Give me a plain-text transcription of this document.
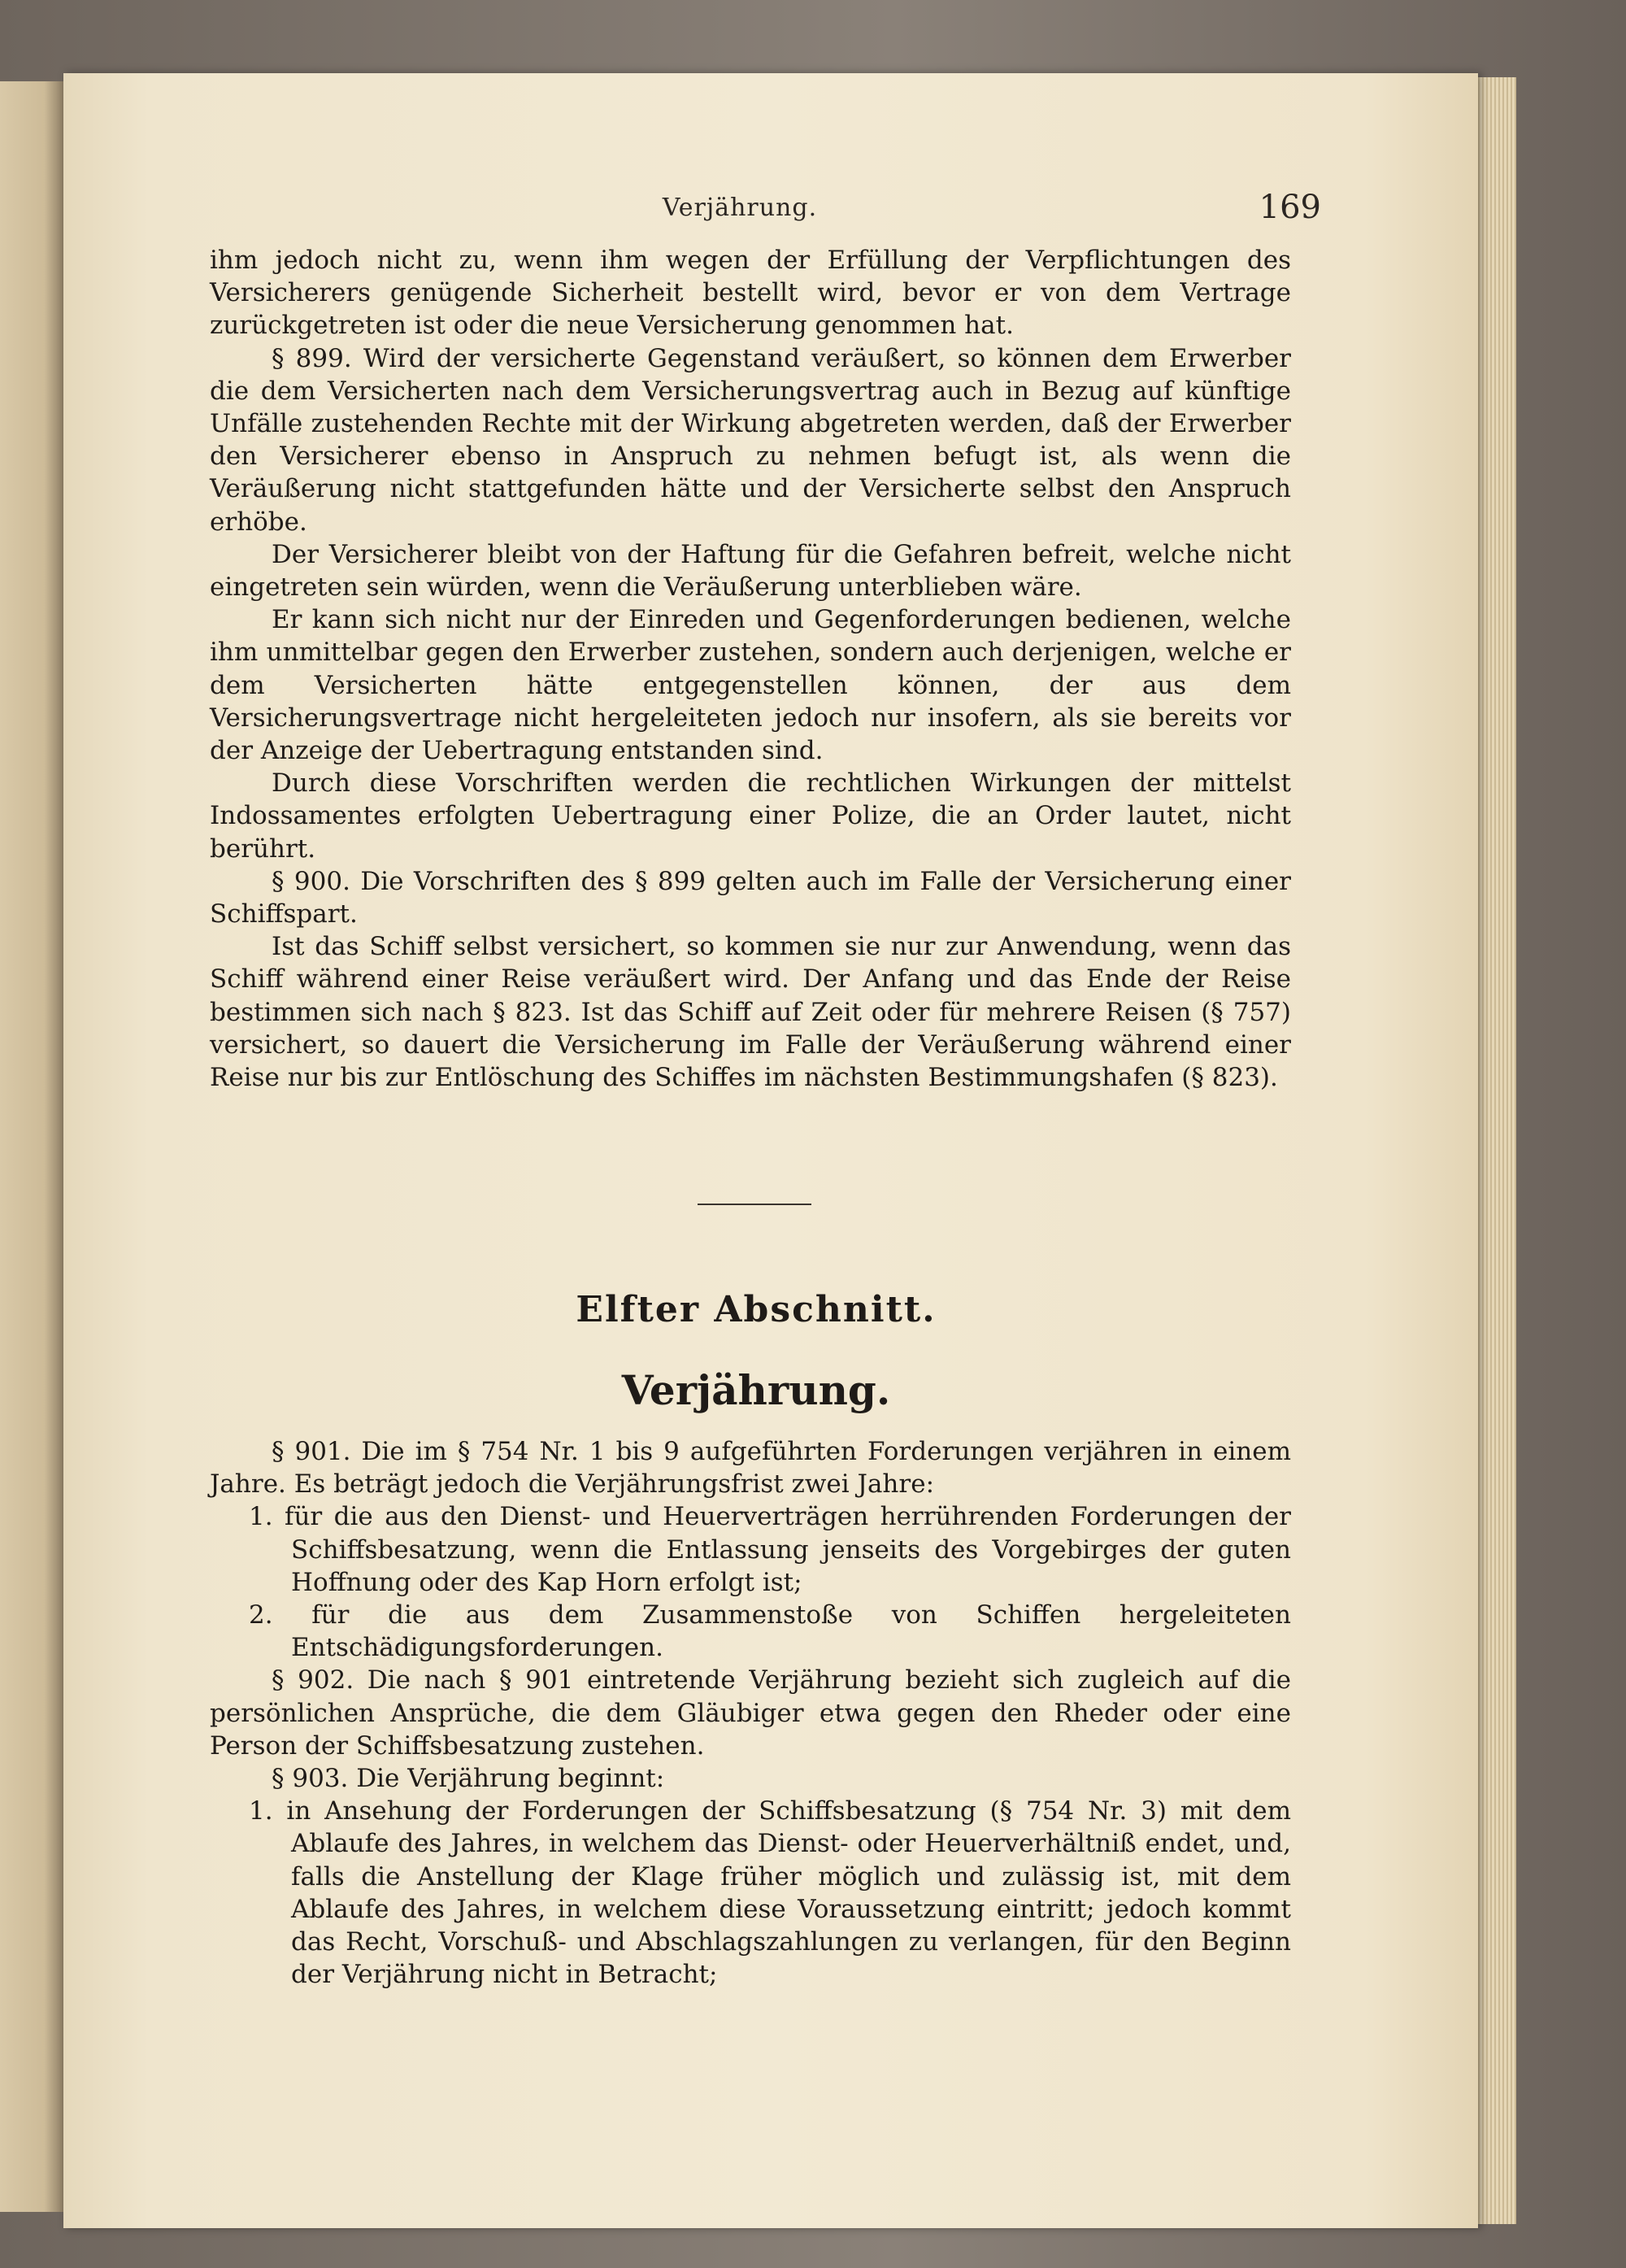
Verjährung.	169

ihm jedoch nicht zu, wenn ihm wegen der Erfüllung der Verpflichtungen des Versicherers genügende Sicherheit bestellt wird, bevor er von dem Vertrage zurückgetreten ist oder die neue Versicherung genommen hat.

§ 899. Wird der versicherte Gegenstand veräußert, so können dem Erwerber die dem Versicherten nach dem Versicherungsvertrag auch in Bezug auf künftige Unfälle zustehenden Rechte mit der Wirkung abgetreten werden, daß der Erwerber den Versicherer ebenso in Anspruch zu nehmen befugt ist, als wenn die Veräußerung nicht stattgefunden hätte und der Versicherte selbst den Anspruch erhöbe.

Der Versicherer bleibt von der Haftung für die Gefahren befreit, welche nicht eingetreten sein würden, wenn die Veräußerung unterblieben wäre.

Er kann sich nicht nur der Einreden und Gegenforderungen bedienen, welche ihm unmittelbar gegen den Erwerber zustehen, sondern auch derjenigen, welche er dem Versicherten hätte entgegenstellen können, der aus dem Versicherungsvertrage nicht hergeleiteten jedoch nur insofern, als sie bereits vor der Anzeige der Uebertragung entstanden sind.

Durch diese Vorschriften werden die rechtlichen Wirkungen der mittelst Indossamentes erfolgten Uebertragung einer Polize, die an Order lautet, nicht berührt.

§ 900. Die Vorschriften des § 899 gelten auch im Falle der Versicherung einer Schiffspart.

Ist das Schiff selbst versichert, so kommen sie nur zur Anwendung, wenn das Schiff während einer Reise veräußert wird. Der Anfang und das Ende der Reise bestimmen sich nach § 823. Ist das Schiff auf Zeit oder für mehrere Reisen (§ 757) versichert, so dauert die Versicherung im Falle der Veräußerung während einer Reise nur bis zur Entlöschung des Schiffes im nächsten Bestimmungshafen (§ 823).

Elfter Abschnitt.
Verjährung.

§ 901. Die im § 754 Nr. 1 bis 9 aufgeführten Forderungen verjähren in einem Jahre. Es beträgt jedoch die Verjährungsfrist zwei Jahre:

1. für die aus den Dienst- und Heuerverträgen herrührenden Forderungen der Schiffsbesatzung, wenn die Entlassung jenseits des Vorgebirges der guten Hoffnung oder des Kap Horn erfolgt ist;

2. für die aus dem Zusammenstoße von Schiffen hergeleiteten Entschädigungsforderungen.

§ 902. Die nach § 901 eintretende Verjährung bezieht sich zugleich auf die persönlichen Ansprüche, die dem Gläubiger etwa gegen den Rheder oder eine Person der Schiffsbesatzung zustehen.

§ 903. Die Verjährung beginnt:

1. in Ansehung der Forderungen der Schiffsbesatzung (§ 754 Nr. 3) mit dem Ablaufe des Jahres, in welchem das Dienst- oder Heuerverhältniß endet, und, falls die Anstellung der Klage früher möglich und zulässig ist, mit dem Ablaufe des Jahres, in welchem diese Voraussetzung eintritt; jedoch kommt das Recht, Vorschuß- und Abschlagszahlungen zu verlangen, für den Beginn der Verjährung nicht in Betracht;
